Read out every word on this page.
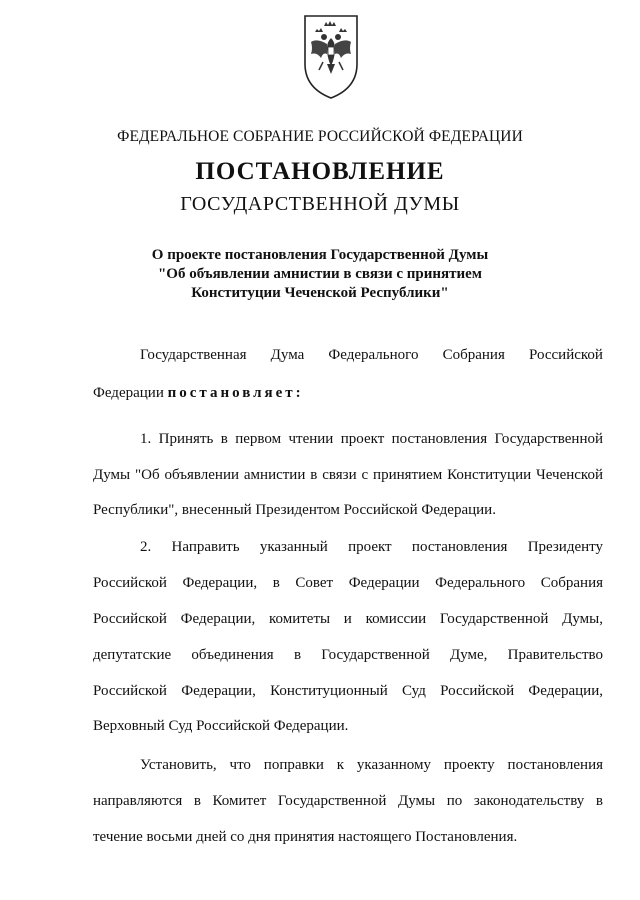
ФЕДЕРАЛЬНОЕ СОБРАНИЕ РОССИЙСКОЙ ФЕДЕРАЦИИ
ПОСТАНОВЛЕНИЕ
ГОСУДАРСТВЕННОЙ ДУМЫ
О проекте постановления Государственной Думы
"Об объявлении амнистии в связи с принятием
Конституции Чеченской Республики"
Государственная Дума Федерального Собрания Российской
Федерации постановляет:
1. Принять в первом чтении проект постановления Государственной
Думы "Об объявлении амнистии в связи с принятием Конституции Чеченской
Республики", внесенный Президентом Российской Федерации.
2. Направить указанный проект постановления Президенту
Российской Федерации, в Совет Федерации Федерального Собрания
Российской Федерации, комитеты и комиссии Государственной Думы,
депутатские объединения в Государственной Думе, Правительство
Российской Федерации, Конституционный Суд Российской Федерации,
Верховный Суд Российской Федерации.
Установить, что поправки к указанному проекту постановления
направляются в Комитет Государственной Думы по законодательству в
течение восьми дней со дня принятия настоящего Постановления.
